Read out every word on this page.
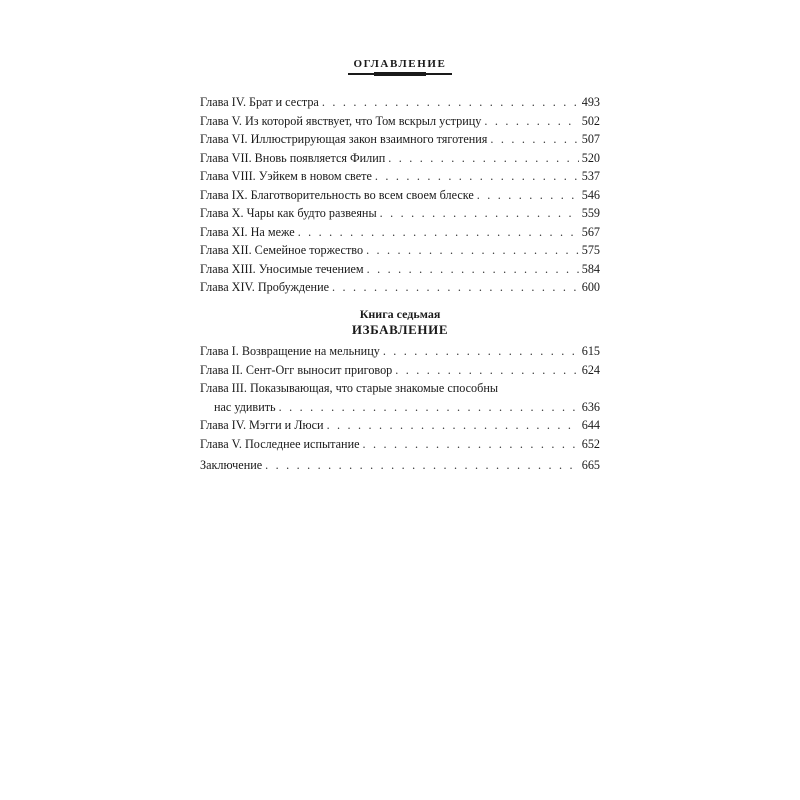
ОГЛАВЛЕНИЕ
Глава IV. Брат и сестра . . .	493
Глава V. Из которой явствует, что Том вскрыл устрицу . . .	502
Глава VI. Иллюстрирующая закон взаимного тяготения . . .	507
Глава VII. Вновь появляется Филип . . .	520
Глава VIII. Уэйкем в новом свете . . .	537
Глава IX. Благотворительность во всем своем блеске . . .	546
Глава X. Чары как будто развеяны . . .	559
Глава XI. На меже . . .	567
Глава XII. Семейное торжество . . .	575
Глава XIII. Уносимые течением . . .	584
Глава XIV. Пробуждение . . .	600
Книга седьмая
ИЗБАВЛЕНИЕ
Глава I. Возвращение на мельницу . . .	615
Глава II. Сент-Огг выносит приговор . . .	624
Глава III. Показывающая, что старые знакомые способны
нас удивить . . .	636
Глава IV. Мэгги и Люси . . .	644
Глава V. Последнее испытание . . .	652
Заключение . . .	665
